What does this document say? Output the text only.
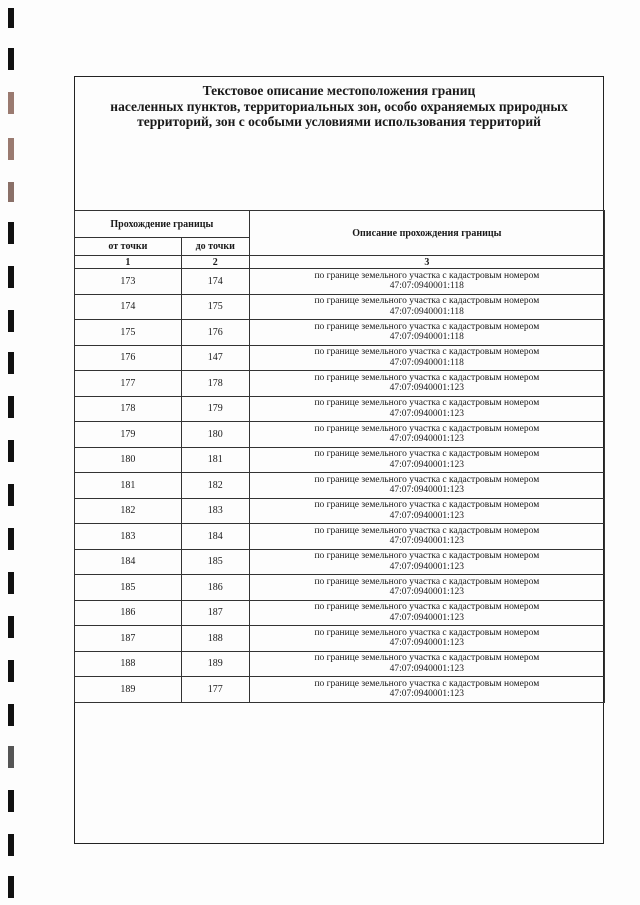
Текстовое описание местоположения границ
населенных пунктов, территориальных зон, особо охраняемых природных
территорий, зон с особыми условиями использования территорий
Прохождение границы		Описание прохождения границы
от точки	до точки	
1	2	3
173	174	по границе земельного участка с кадастровым номером
47:07:0940001:118

174	175	по границе земельного участка с кадастровым номером
47:07:0940001:118

175	176	по границе земельного участка с кадастровым номером
47:07:0940001:118

176	147	по границе земельного участка с кадастровым номером
47:07:0940001:118

177	178	по границе земельного участка с кадастровым номером
47:07:0940001:123

178	179	по границе земельного участка с кадастровым номером
47:07:0940001:123

179	180	по границе земельного участка с кадастровым номером
47:07:0940001:123

180	181	по границе земельного участка с кадастровым номером
47:07:0940001:123

181	182	по границе земельного участка с кадастровым номером
47:07:0940001:123

182	183	по границе земельного участка с кадастровым номером
47:07:0940001:123

183	184	по границе земельного участка с кадастровым номером
47:07:0940001:123

184	185	по границе земельного участка с кадастровым номером
47:07:0940001:123

185	186	по границе земельного участка с кадастровым номером
47:07:0940001:123

186	187	по границе земельного участка с кадастровым номером
47:07:0940001:123

187	188	по границе земельного участка с кадастровым номером
47:07:0940001:123

188	189	по границе земельного участка с кадастровым номером
47:07:0940001:123

189	177	по границе земельного участка с кадастровым номером
47:07:0940001:123
